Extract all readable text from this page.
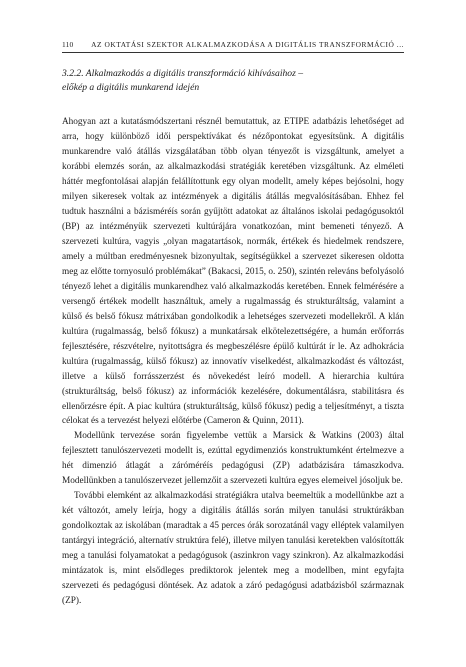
110 AZ OKTATÁSI SZEKTOR ALKALMAZKODÁSA A DIGITÁLIS TRANSZFORMÁCIÓ ...
3.2.2. Alkalmazkodás a digitális transzformáció kihívásaihoz –
előkép a digitális munkarend idején

Ahogyan azt a kutatásmódszertani résznél bemutattuk, az ETIPE adatbázis lehetőséget ad arra, hogy különböző idői perspektívákat és nézőpontokat egyesítsünk. A digitális munkarendre való átállás vizsgálatában több olyan tényezőt is vizsgáltunk, amelyet a korábbi elemzés során, az alkalmazkodási stratégiák keretében vizsgáltunk. Az elméleti háttér megfontolásai alapján felállítottunk egy olyan modellt, amely képes bejósolni, hogy milyen sikeresek voltak az intézmények a digitális átállás megvalósításában. Ehhez fel tudtuk használni a bázisméréís során gyűjtött adatokat az általános iskolai pedagógusoktól (BP) az intézményük szervezeti kultúrájára vonatkozóan, mint bemeneti tényező. A szervezeti kultúra, vagyis „olyan magatartások, normák, értékek és hiedelmek rendszere, amely a múltban eredményesnek bizonyultak, segítségükkel a szervezet sikeresen oldotta meg az előtte tornyosuló problémákat” (Bakacsi, 2015, o. 250), szintén releváns befolyásoló tényező lehet a digitális munkarendhez való alkalmazkodás keretében. Ennek felmérésére a versengő értékek modellt használtuk, amely a rugalmasság és strukturáltság, valamint a külső és belső fókusz mátrixában gondolkodik a lehetséges szervezeti modellekről. A klán kultúra (rugalmasság, belső fókusz) a munkatársak elkötelezettségére, a humán erőforrás fejlesztésére, részvételre, nyitottságra és megbeszélésre épülő kultúrát ír le. Az adhokrácia kultúra (rugalmasság, külső fókusz) az innovatív viselkedést, alkalmazkodást és változást, illetve a külső forrásszerzést és növekedést leíró modell. A hierarchia kultúra (strukturáltság, belső fókusz) az információk kezelésére, dokumentálásra, stabilitásra és ellenőrzésre épít. A piac kultúra (strukturáltság, külső fókusz) pedig a teljesítményt, a tiszta célokat és a tervezést helyezi előtérbe (Cameron & Quinn, 2011).

Modellünk tervezése során figyelembe vettük a Marsick & Watkins (2003) által fejlesztett tanulószervezeti modellt is, ezúttal egydimenziós konstruktumként értelmezve a hét dimenzió átlagát a záróméréís pedagógusi (ZP) adatbázisára támaszkodva. Modellünkben a tanulószervezet jellemzőit a szervezeti kultúra egyes elemeivel jósoljuk be.

További elemként az alkalmazkodási stratégiákra utalva beemeltük a modellünkbe azt a két változót, amely leírja, hogy a digitális átállás során milyen tanulási struktúrákban gondolkoztak az iskolában (maradtak a 45 perces órák sorozatánál vagy elléptek valamilyen tantárgyi integráció, alternatív struktúra felé), illetve milyen tanulási keretekben valósították meg a tanulási folyamatokat a pedagógusok (aszinkron vagy szinkron). Az alkalmazkodási mintázatok is, mint elsődleges prediktorok jelentek meg a modellben, mint egyfajta szervezeti és pedagógusi döntések. Az adatok a záró pedagógusi adatbázisból származnak (ZP).
